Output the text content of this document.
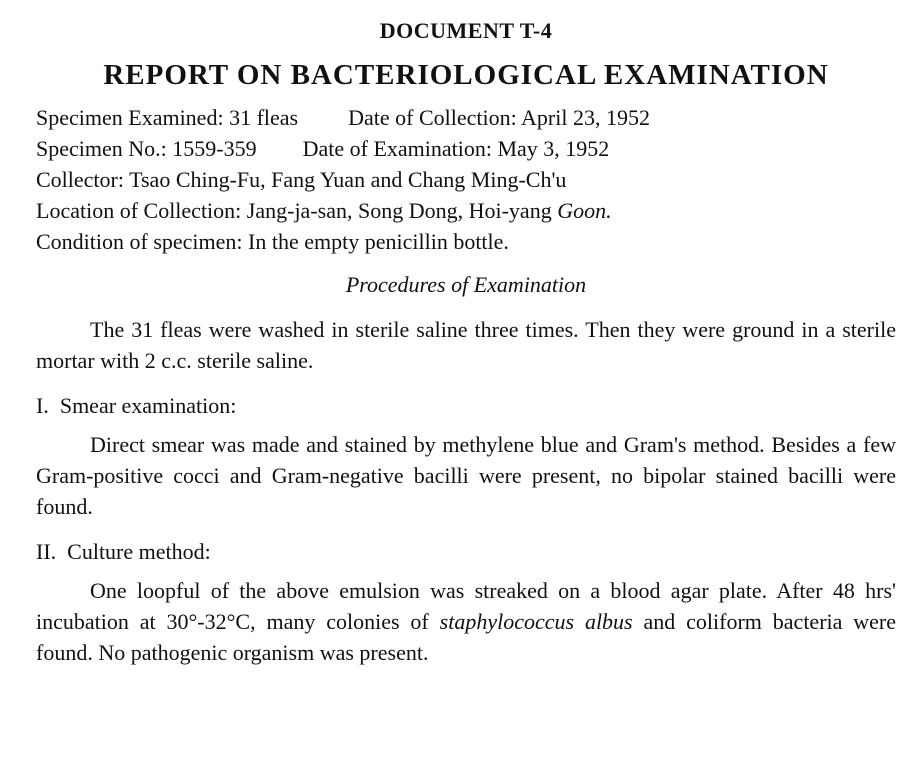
DOCUMENT T-4
REPORT ON BACTERIOLOGICAL EXAMINATION
Specimen Examined: 31 fleas Date of Collection: April 23, 1952
Specimen No.: 1559-359 Date of Examination: May 3, 1952
Collector: Tsao Ching-Fu, Fang Yuan and Chang Ming-Ch'u
Location of Collection: Jang-ja-san, Song Dong, Hoi-yang Goon.
Condition of specimen: In the empty penicillin bottle.
Procedures of Examination

The 31 fleas were washed in sterile saline three times. Then they were ground in a sterile mortar with 2 c.c. sterile saline.

I. Smear examination:

Direct smear was made and stained by methylene blue and Gram's method. Besides a few Gram-positive cocci and Gram-negative bacilli were present, no bipolar stained bacilli were found.

II. Culture method:

One loopful of the above emulsion was streaked on a blood agar plate. After 48 hrs' incubation at 30°-32°C, many colonies of staphylococcus albus and coliform bacteria were found. No pathogenic organism was present.
